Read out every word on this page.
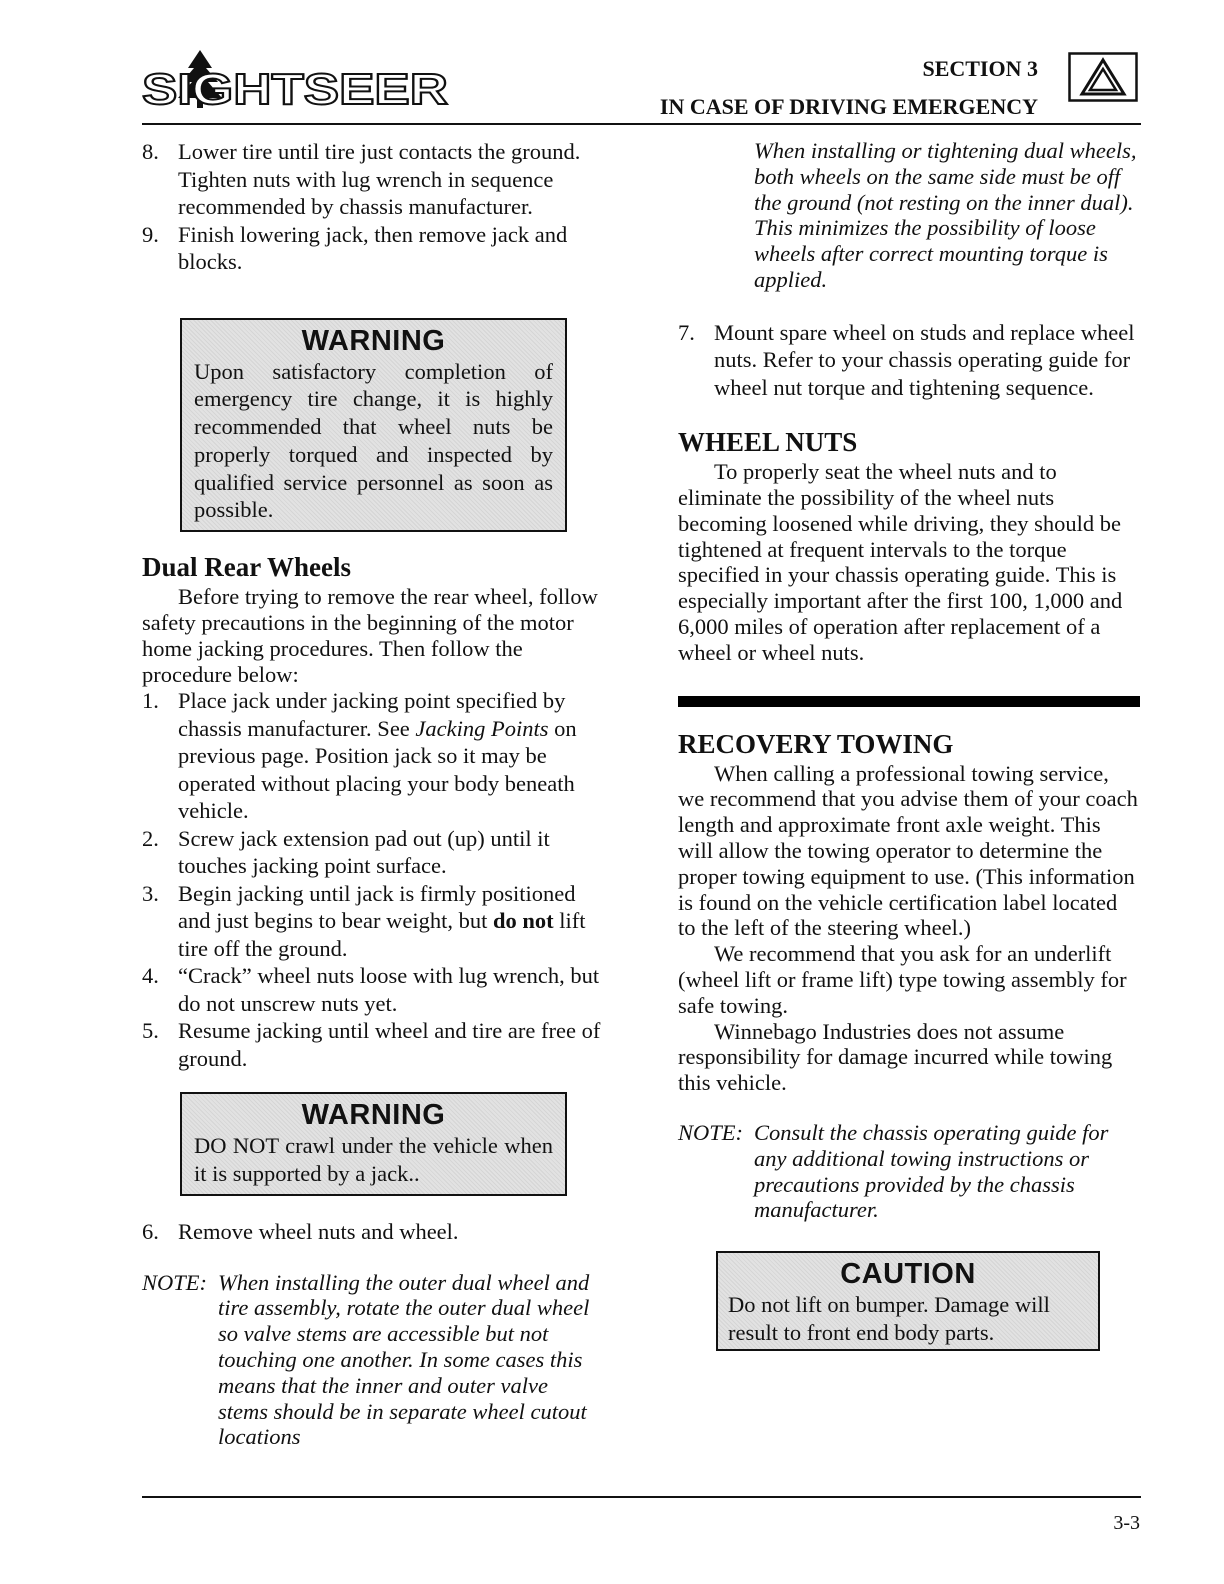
SIGHTSEER	SECTION 3
IN CASE OF DRIVING EMERGENCY
8. Lower tire until tire just contacts the ground. Tighten nuts with lug wrench in sequence recommended by chassis manufacturer.
9. Finish lowering jack, then remove jack and blocks.
WARNING
Upon satisfactory completion of emergency tire change, it is highly recommended that wheel nuts be properly torqued and inspected by qualified service personnel as soon as possible.
Dual Rear Wheels
Before trying to remove the rear wheel, follow safety precautions in the beginning of the motor home jacking procedures. Then follow the procedure below:
1. Place jack under jacking point specified by chassis manufacturer. See Jacking Points on previous page. Position jack so it may be operated without placing your body beneath vehicle.
2. Screw jack extension pad out (up) until it touches jacking point surface.
3. Begin jacking until jack is firmly positioned and just begins to bear weight, but do not lift tire off the ground.
4. “Crack” wheel nuts loose with lug wrench, but do not unscrew nuts yet.
5. Resume jacking until wheel and tire are free of ground.
WARNING
DO NOT crawl under the vehicle when it is supported by a jack..
6. Remove wheel nuts and wheel.
NOTE: When installing the outer dual wheel and tire assembly, rotate the outer dual wheel so valve stems are accessible but not touching one another. In some cases this means that the inner and outer valve stems should be in separate wheel cutout locations
When installing or tightening dual wheels, both wheels on the same side must be off the ground (not resting on the inner dual). This minimizes the possibility of loose wheels after correct mounting torque is applied.
7. Mount spare wheel on studs and replace wheel nuts. Refer to your chassis operating guide for wheel nut torque and tightening sequence.
WHEEL NUTS
To properly seat the wheel nuts and to eliminate the possibility of the wheel nuts becoming loosened while driving, they should be tightened at frequent intervals to the torque specified in your chassis operating guide. This is especially important after the first 100, 1,000 and 6,000 miles of operation after replacement of a wheel or wheel nuts.
RECOVERY TOWING
When calling a professional towing service, we recommend that you advise them of your coach length and approximate front axle weight. This will allow the towing operator to determine the proper towing equipment to use. (This information is found on the vehicle certification label located to the left of the steering wheel.)
We recommend that you ask for an underlift (wheel lift or frame lift) type towing assembly for safe towing.
Winnebago Industries does not assume responsibility for damage incurred while towing this vehicle.
NOTE: Consult the chassis operating guide for any additional towing instructions or precautions provided by the chassis manufacturer.
CAUTION
Do not lift on bumper. Damage will result to front end body parts.
3-3
